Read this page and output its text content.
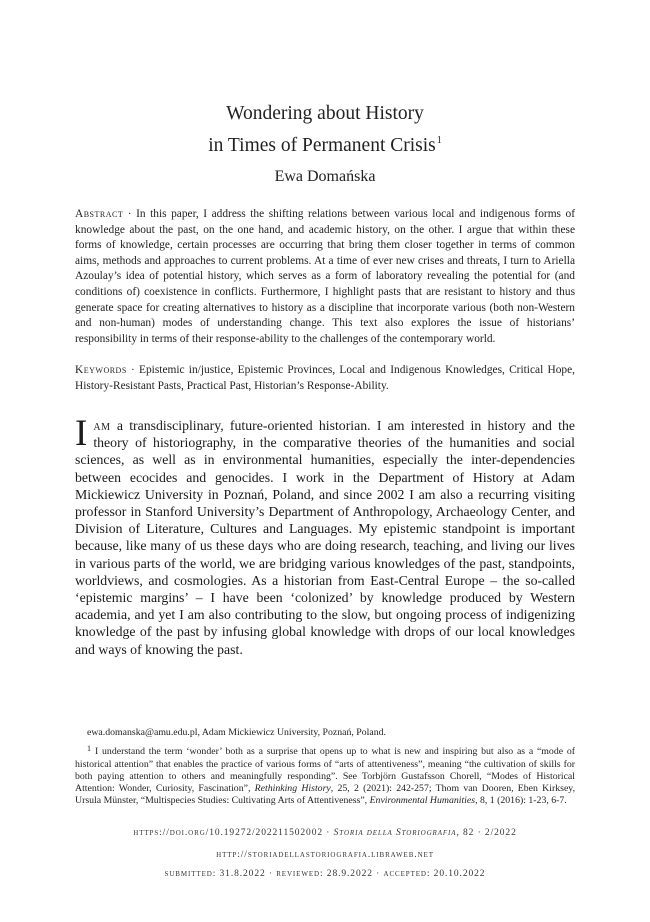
Wondering about History
in Times of Permanent Crisis$^1$
Ewa Domańska
Abstract · In this paper, I address the shifting relations between various local and indigenous forms of knowledge about the past, on the one hand, and academic history, on the other. I argue that within these forms of knowledge, certain processes are occurring that bring them closer together in terms of common aims, methods and approaches to current problems. At a time of ever new crises and threats, I turn to Ariella Azoulay’s idea of potential history, which serves as a form of laboratory revealing the potential for (and conditions of) coexistence in conflicts. Furthermore, I highlight pasts that are resistant to history and thus generate space for creating alternatives to history as a discipline that incorporate various (both non-Western and non-human) modes of understanding change. This text also explores the issue of historians’ responsibility in terms of their response-ability to the challenges of the contemporary world.
Keywords · Epistemic in/justice, Epistemic Provinces, Local and Indigenous Knowledges, Critical Hope, History-Resistant Pasts, Practical Past, Historian’s Response-Ability.
Iam a transdisciplinary, future-oriented historian. I am interested in history and the theory of historiography, in the comparative theories of the humanities and social sciences, as well as in environmental humanities, especially the inter-dependencies between ecocides and genocides. I work in the Department of History at Adam Mickiewicz University in Poznań, Poland, and since 2002 I am also a recurring visiting professor in Stanford University’s Department of Anthropology, Archaeology Center, and Division of Literature, Cultures and Languages. My epistemic standpoint is important because, like many of us these days who are doing research, teaching, and living our lives in various parts of the world, we are bridging various knowledges of the past, standpoints, worldviews, and cosmologies. As a historian from East-Central Europe – the so-called ‘epistemic margins’ – I have been ‘colonized’ by knowledge produced by Western academia, and yet I am also contributing to the slow, but ongoing process of indigenizing knowledge of the past by infusing global knowledge with drops of our local knowledges and ways of knowing the past.

ewa.domanska@amu.edu.pl, Adam Mickiewicz University, Poznań, Poland.

$^1$ I understand the term ‘wonder’ both as a surprise that opens up to what is new and inspiring but also as a “mode of historical attention” that enables the practice of various forms of “arts of attentiveness”, meaning “the cultivation of skills for both paying attention to others and meaningfully responding”. See Torbjörn Gustafsson Chorell, “Modes of Historical Attention: Wonder, Curiosity, Fascination”, Rethinking History, 25, 2 (2021): 242-257; Thom van Dooren, Eben Kirksey, Ursula Münster, “Multispecies Studies: Cultivating Arts of Attentiveness”, Environmental Humanities, 8, 1 (2016): 1-23, 6-7.

https://doi.org/10.19272/202211502002 · Storia della Storiografia, 82 · 2/2022
http://storiadellastoriografia.libraweb.net
submitted: 31.8.2022 · reviewed: 28.9.2022 · accepted: 20.10.2022
